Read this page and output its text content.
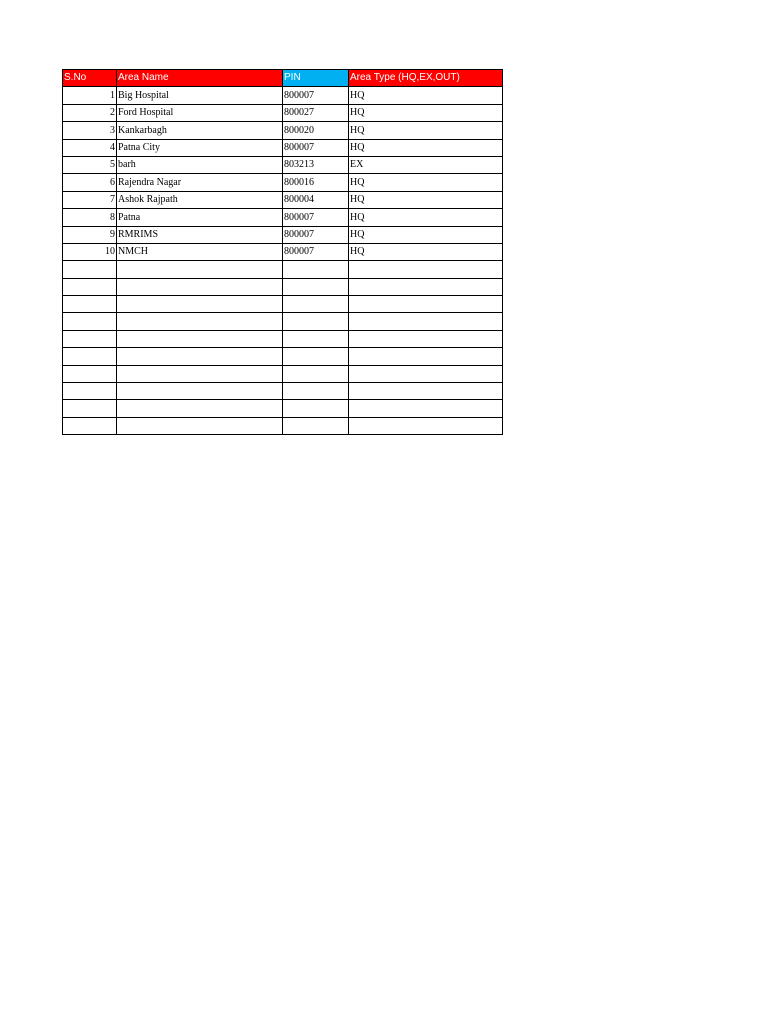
S.No	Area Name	PIN	Area Type (HQ,EX,OUT)
1	Big Hospital	800007	HQ
2	Ford Hospital	800027	HQ
3	Kankarbagh	800020	HQ
4	Patna City	800007	HQ
5	barh	803213	EX
6	Rajendra Nagar	800016	HQ
7	Ashok Rajpath	800004	HQ
8	Patna	800007	HQ
9	RMRIMS	800007	HQ
10	NMCH	800007	HQ
